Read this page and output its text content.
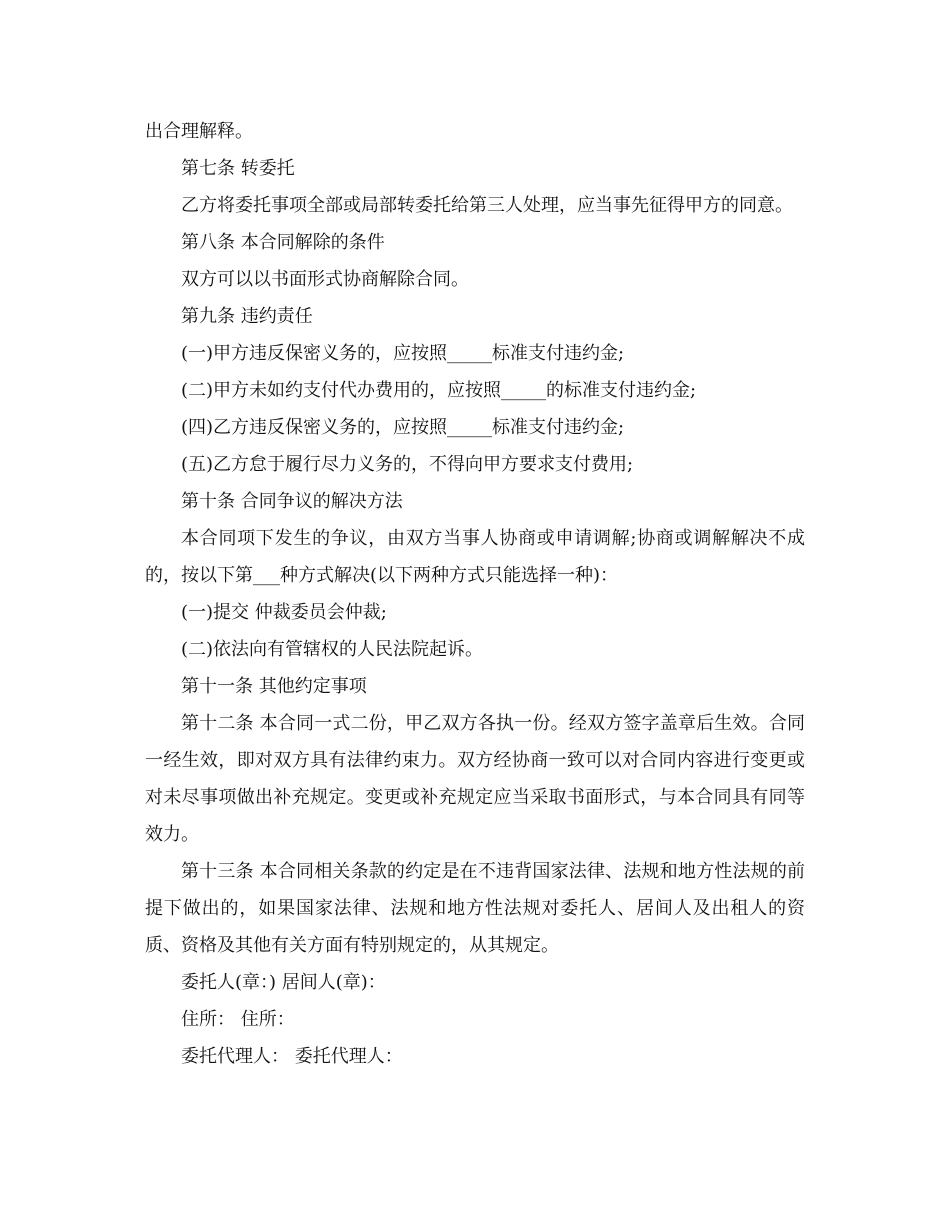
出合理解释。

第七条 转委托

乙方将委托事项全部或局部转委托给第三人处理，应当事先征得甲方的同意。

第八条 本合同解除的条件

双方可以以书面形式协商解除合同。

第九条 违约责任

(一)甲方违反保密义务的，应按照_____标准支付违约金;

(二)甲方未如约支付代办费用的，应按照_____的标准支付违约金;

(四)乙方违反保密义务的，应按照_____标准支付违约金;

(五)乙方怠于履行尽力义务的，不得向甲方要求支付费用;

第十条 合同争议的解决方法

本合同项下发生的争议，由双方当事人协商或申请调解;协商或调解解决不成的，按以下第___种方式解决(以下两种方式只能选择一种)：

(一)提交 仲裁委员会仲裁;

(二)依法向有管辖权的人民法院起诉。

第十一条 其他约定事项

第十二条 本合同一式二份，甲乙双方各执一份。经双方签字盖章后生效。合同一经生效，即对双方具有法律约束力。双方经协商一致可以对合同内容进行变更或对未尽事项做出补充规定。变更或补充规定应当采取书面形式，与本合同具有同等效力。

第十三条 本合同相关条款的约定是在不违背国家法律、法规和地方性法规的前提下做出的，如果国家法律、法规和地方性法规对委托人、居间人及出租人的资质、资格及其他有关方面有特别规定的，从其规定。

委托人(章：) 居间人(章)：

住所： 住所：

委托代理人： 委托代理人：
